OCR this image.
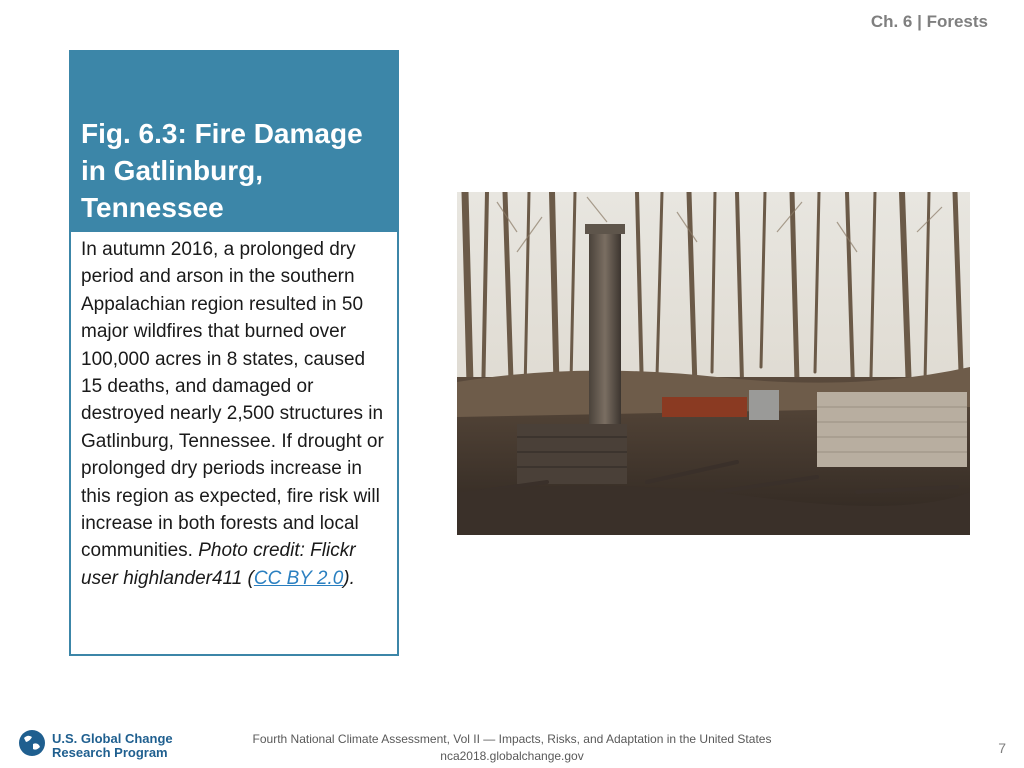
Ch. 6 | Forests
Fig. 6.3: Fire Damage in Gatlinburg, Tennessee
In autumn 2016, a prolonged dry period and arson in the southern Appalachian region resulted in 50 major wildfires that burned over 100,000 acres in 8 states, caused 15 deaths, and damaged or destroyed nearly 2,500 structures in Gatlinburg, Tennessee. If drought or prolonged dry periods increase in this region as expected, fire risk will increase in both forests and local communities. Photo credit: Flickr user highlander411 (CC BY 2.0).
U.S. Global Change
Research Program
Fourth National Climate Assessment, Vol II — Impacts, Risks, and Adaptation in the United States
nca2018.globalchange.gov	7
